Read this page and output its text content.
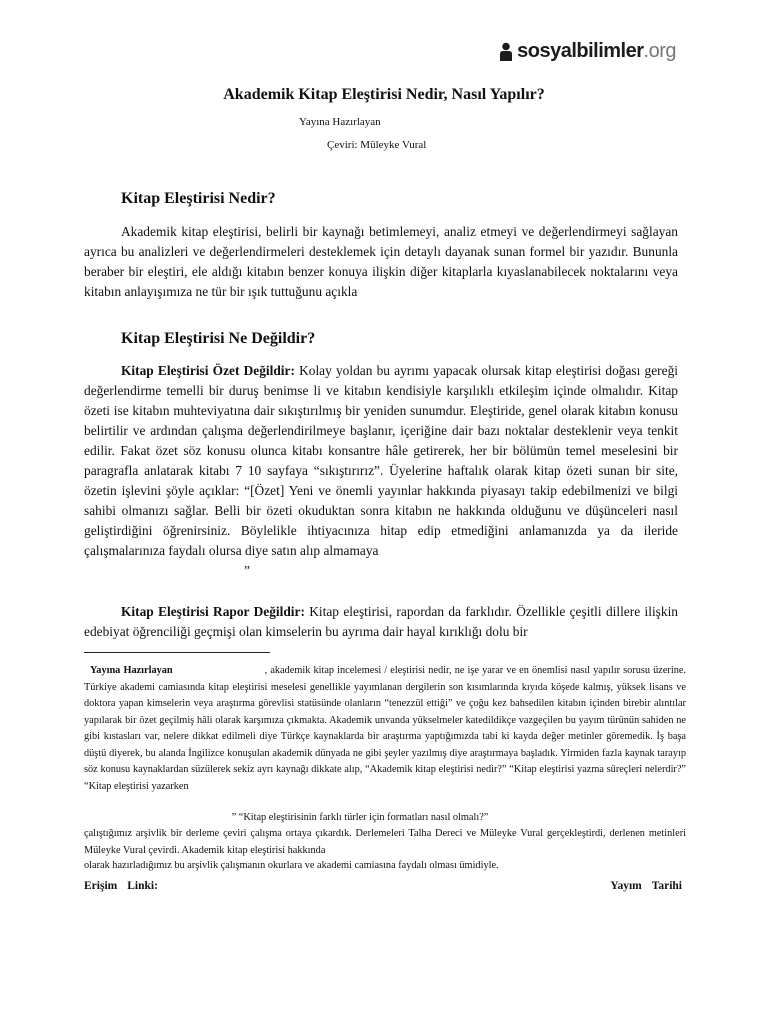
sosyalbilimler.org
Akademik Kitap Eleştirisi Nedir, Nasıl Yapılır?

Yayına Hazırlayan

Çeviri: Müleyke Vural

Kitap Eleştirisi Nedir?

Akademik kitap eleştirisi, belirli bir kaynağı betimlemeyi, analiz etmeyi ve değerlendirmeyi sağlayan ayrıca bu analizleri ve değerlendirmeleri desteklemek için detaylı dayanak sunan formel bir yazıdır. Bununla beraber bir eleştiri, ele aldığı kitabın benzer konuya ilişkin diğer kitaplarla kıyaslanabilecek noktalarını veya kitabın anlayışımıza ne tür bir ışık tuttuğunu açıkla

Kitap Eleştirisi Ne Değildir?

Kitap Eleştirisi Özet Değildir: Kolay yoldan bu ayrımı yapacak olursak kitap eleştirisi doğası gereği değerlendirme temelli bir duruş benimse li ve kitabın kendisiyle karşılıklı etkileşim içinde olmalıdır. Kitap özeti ise kitabın muhteviyatına dair sıkıştırılmış bir yeniden sunumdur. Eleştiride, genel olarak kitabın konusu belirtilir ve ardından çalışma değerlendirilmeye başlanır, içeriğine dair bazı noktalar desteklenir veya tenkit edilir. Fakat özet söz konusu olunca kitabı konsantre hâle getirerek, her bir bölümün temel meselesini bir paragrafla anlatarak kitabı 7 10 sayfaya “sıkıştırırız”. Üyelerine haftalık olarak kitap özeti sunan bir site, özetin işlevini şöyle açıklar: “[Özet] Yeni ve önemli yayınlar hakkında piyasayı takip edebilmenizi ve bilgi sahibi olmanızı sağlar. Belli bir özeti okuduktan sonra kitabın ne hakkında olduğunu ve düşünceleri nasıl geliştirdiğini öğrenirsiniz. Böylelikle ihtiyacınıza hitap edip etmediğini anlamanızda ya da ileride çalışmalarınıza faydalı olursa diye satın alıp almamaya
”

Kitap Eleştirisi Rapor Değildir: Kitap eleştirisi, rapordan da farklıdır. Özellikle çeşitli dillere ilişkin edebiyat öğrenciliği geçmişi olan kimselerin bu ayrıma dair hayal kırıklığı dolu bir

Yayına Hazırlayan	, akademik kitap incelemesi / eleştirisi nedir, ne işe yarar ve en önemlisi nasıl yapılır sorusu üzerine. Türkiye akademi camiasında kitap eleştirisi meselesi genellikle yayımlanan dergilerin son kısımlarında kıyıda köşede kalmış, yüksek lisans ve doktora yapan kimselerin veya araştırma görevlisi statüsünde olanların “tenezzül ettiği” ve çoğu kez bahsedilen kitabın içinden birebir alıntılar yapılarak bir özet geçilmiş hâli olarak karşımıza çıkmakta. Akademik unvanda yükselmeler katedildikçe vazgeçilen bu yayım türünün sahiden ne gibi kıstasları var, nelere dikkat edilmeli diye Türkçe kaynaklarda bir araştırma yaptığımızda tabi ki kayda değer metinler göremedik. İş başa düştü diyerek, bu alanda İngilizce konuşulan akademik dünyada ne gibi şeyler yazılmış diye araştırmaya başladık. Yirmiden fazla kaynak tarayıp söz konusu kaynaklardan süzülerek sekiz ayrı kaynağı dikkate alıp, “Akademik kitap eleştirisi nedir?” “Kitap eleştirisi yazma süreçleri nelerdir?” “Kitap eleştirisi yazarken

” “Kitap eleştirisinin farklı türler için formatları nasıl olmalı?”

çalıştığımız arşivlik bir derleme çeviri çalışma ortaya çıkardık. Derlemeleri Talha Dereci ve Müleyke Vural gerçekleştirdi, derlenen metinleri Müleyke Vural çevirdi. Akademik kitap eleştirisi hakkında

olarak hazırladığımız bu arşivlik çalışmanın okurlara ve akademi camiasına faydalı olması ümidiyle.

Erişim Linki:	Yayım Tarihi
